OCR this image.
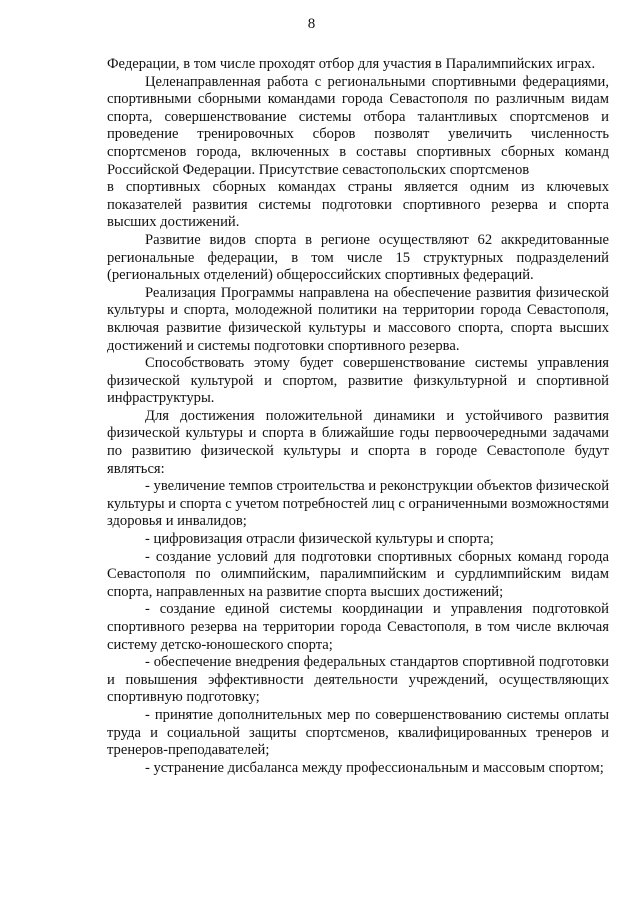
8

Федерации, в том числе проходят отбор для участия в Паралимпийских играх.

Целенаправленная работа с региональными спортивными федерациями, спортивными сборными командами города Севастополя по различным видам спорта, совершенствование системы отбора талантливых спортсменов и проведение тренировочных сборов позволят увеличить численность спортсменов города, включенных в составы спортивных сборных команд Российской Федерации. Присутствие севастопольских спортсменов

в спортивных сборных командах страны является одним из ключевых показателей развития системы подготовки спортивного резерва и спорта высших достижений.

Развитие видов спорта в регионе осуществляют 62 аккредитованные региональные федерации, в том числе 15 структурных подразделений (региональных отделений) общероссийских спортивных федераций.

Реализация Программы направлена на обеспечение развития физической культуры и спорта, молодежной политики на территории города Севастополя, включая развитие физической культуры и массового спорта, спорта высших достижений и системы подготовки спортивного резерва.

Способствовать этому будет совершенствование системы управления физической культурой и спортом, развитие физкультурной и спортивной инфраструктуры.

Для достижения положительной динамики и устойчивого развития физической культуры и спорта в ближайшие годы первоочередными задачами по развитию физической культуры и спорта в городе Севастополе будут являться:

- увеличение темпов строительства и реконструкции объектов физической культуры и спорта с учетом потребностей лиц с ограниченными возможностями здоровья и инвалидов;

- цифровизация отрасли физической культуры и спорта;

- создание условий для подготовки спортивных сборных команд города Севастополя по олимпийским, паралимпийским и сурдлимпийским видам спорта, направленных на развитие спорта высших достижений;

- создание единой системы координации и управления подготовкой спортивного резерва на территории города Севастополя, в том числе включая систему детско-юношеского спорта;

- обеспечение внедрения федеральных стандартов спортивной подготовки и повышения эффективности деятельности учреждений, осуществляющих спортивную подготовку;

- принятие дополнительных мер по совершенствованию системы оплаты труда и социальной защиты спортсменов, квалифицированных тренеров и тренеров-преподавателей;

- устранение дисбаланса между профессиональным и массовым спортом;
